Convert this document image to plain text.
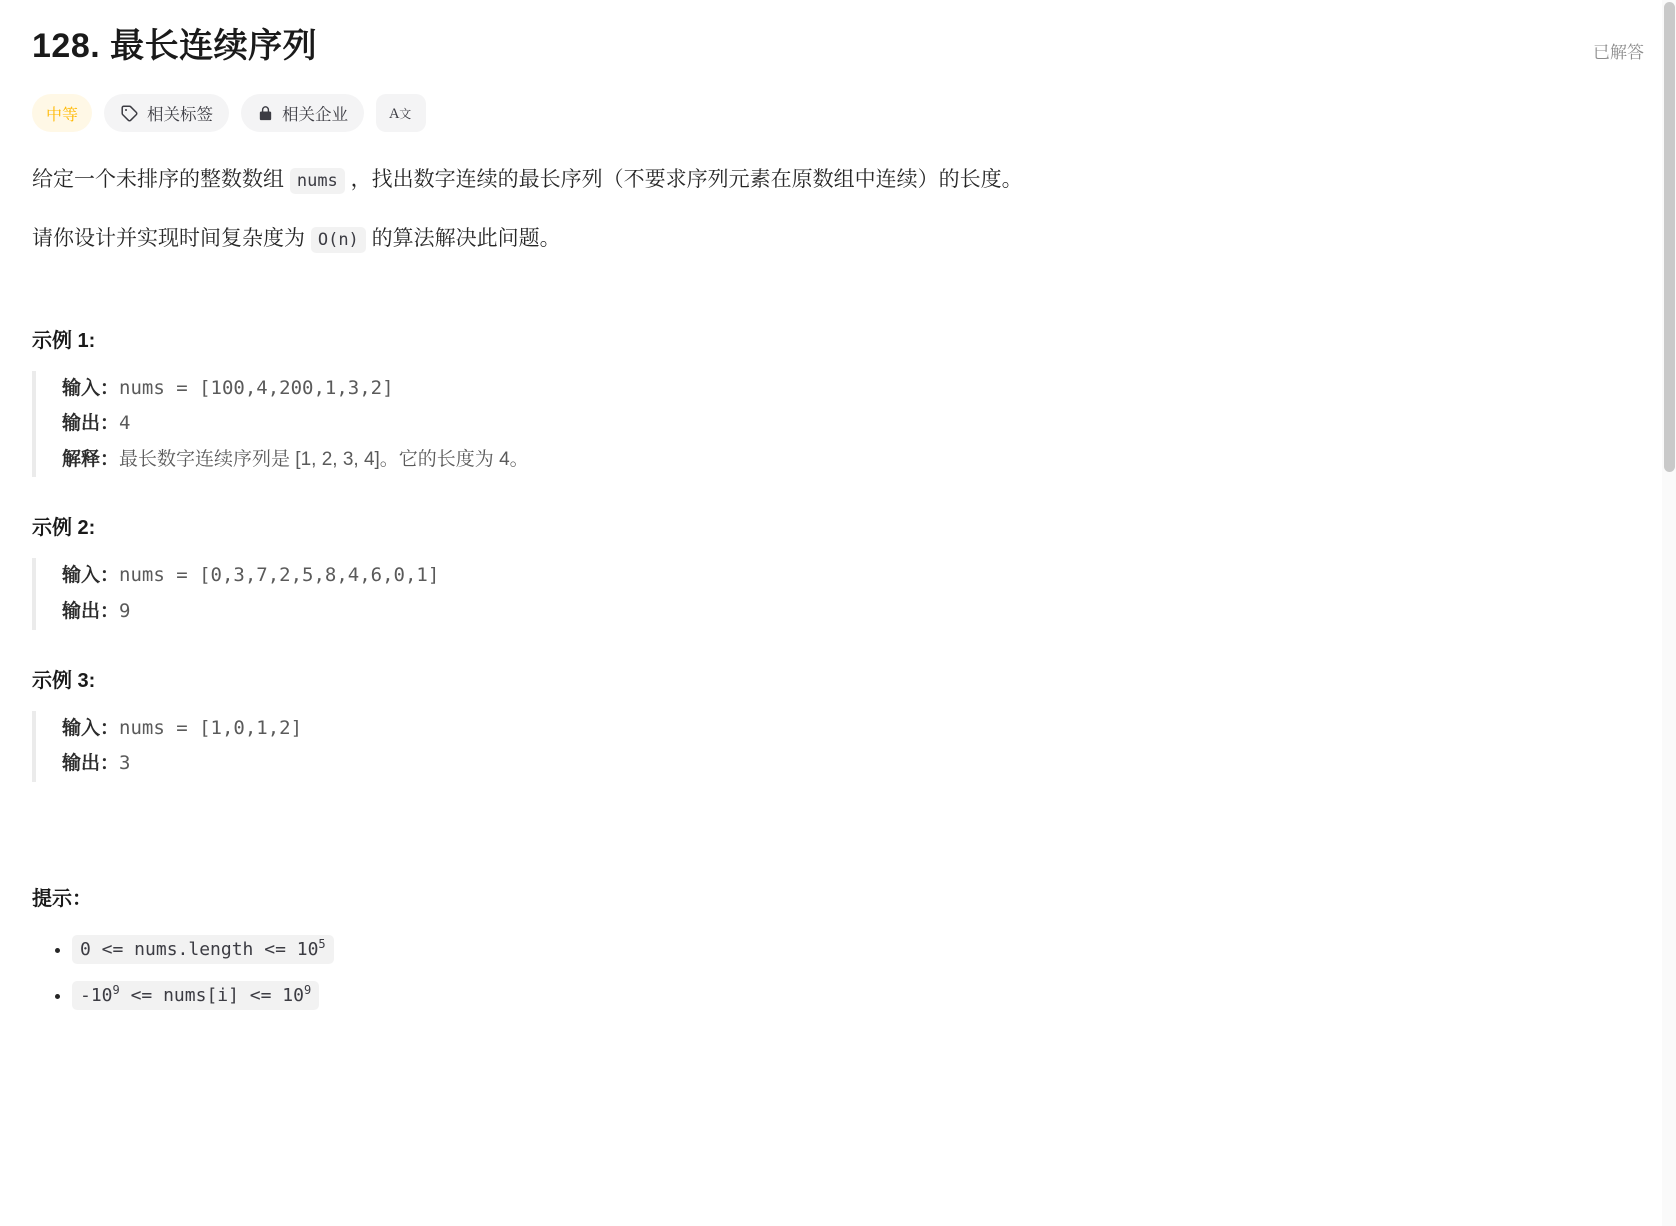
128. 最长连续序列	已解答
中等	相关标签	相关企业 A 文

给定一个未排序的整数数组 nums ，找出数字连续的最长序列（不要求序列元素在原数组中连续）的长度。

请你设计并实现时间复杂度为 O(n) 的算法解决此问题。

示例 1:
输入：nums = [100,4,200,1,3,2]
输出：4
解释：最长数字连续序列是 [1, 2, 3, 4]。它的长度为 4。
示例 2:
输入：nums = [0,3,7,2,5,8,4,6,0,1]
输出：9
示例 3:
输入：nums = [1,0,1,2]
输出：3
提示：
• 0 <= nums.length <= $10^5$
• $-10^9$ <= nums[i] <= $10^9$
